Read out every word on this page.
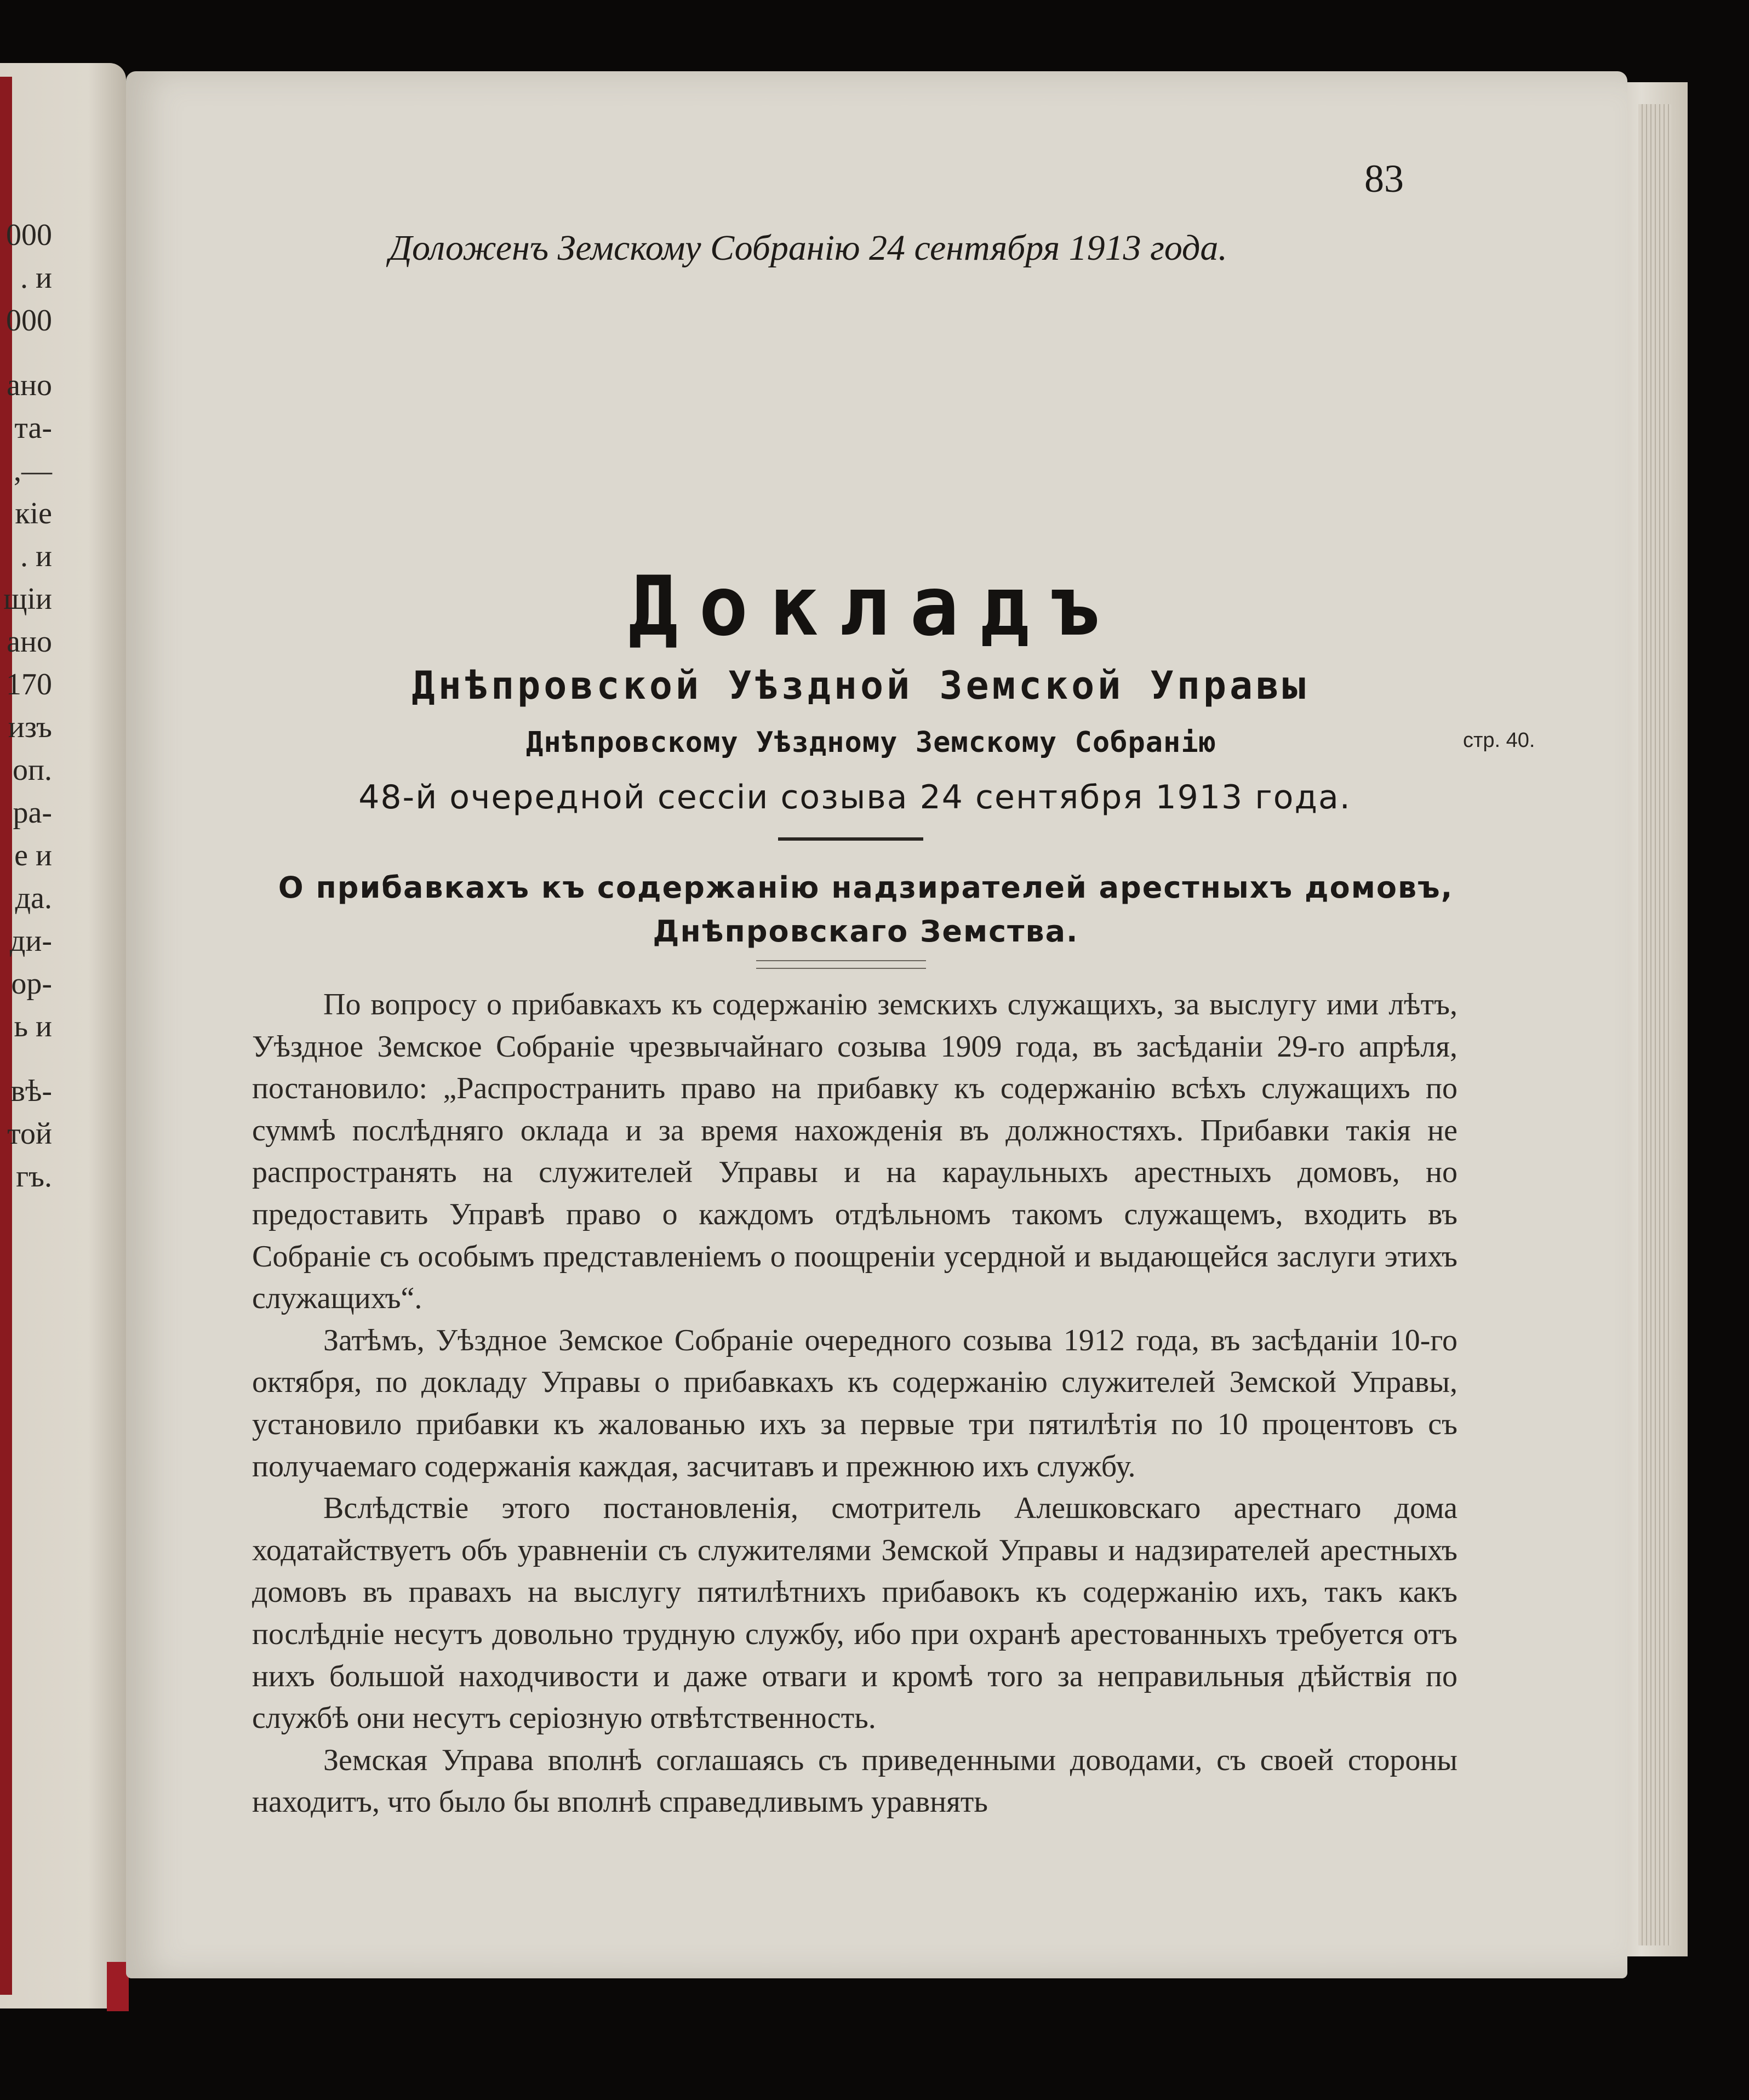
000
. и
000
ано
та-
,—
кіе
. и
щіи
ано
170
изъ
оп.
ра-
е и
да.
ди-
ор-
ь и
вѣ-
той
гъ.
83
Доложенъ Земскому Собранію 24 сентября 1913 года.
Докладъ
Днѣпровской Уѣздной Земской Управы
Днѣпровскому Уѣздному Земскому Собранію	стр. 40.
48-й очередной сессіи созыва 24 сентября 1913 года.
О прибавкахъ къ содержанію надзирателей арестныхъ домовъ, Днѣпровскаго Земства.

По вопросу о прибавкахъ къ содержанію земскихъ служащихъ, за выслугу ими лѣтъ, Уѣздное Земское Собраніе чрезвычайнаго созыва 1909 года, въ засѣданіи 29-го апрѣля, постановило: „Распространить право на прибавку къ содержанію всѣхъ служащихъ по суммѣ послѣдняго оклада и за время нахожденія въ должностяхъ. Прибавки такія не распространять на служителей Управы и на караульныхъ арестныхъ домовъ, но предоставить Управѣ право о каждомъ отдѣльномъ такомъ служащемъ, входить въ Собраніе съ особымъ представленіемъ о поощреніи усердной и выдающейся заслуги этихъ служащихъ“.

Затѣмъ, Уѣздное Земское Собраніе очередного созыва 1912 года, въ засѣданіи 10-го октября, по докладу Управы о прибавкахъ къ содержанію служителей Земской Управы, установило прибавки къ жалованью ихъ за первые три пятилѣтія по 10 процентовъ съ получаемаго содержанія каждая, засчитавъ и прежнюю ихъ службу.

Вслѣдствіе этого постановленія, смотритель Алешковскаго арестнаго дома ходатайствуетъ объ уравненіи съ служителями Земской Управы и надзирателей арестныхъ домовъ въ правахъ на выслугу пятилѣтнихъ прибавокъ къ содержанію ихъ, такъ какъ послѣдніе несутъ довольно трудную службу, ибо при охранѣ арестованныхъ требуется отъ нихъ большой находчивости и даже отваги и кромѣ того за неправильныя дѣйствія по службѣ они несутъ серіозную отвѣтственность.

Земская Управа вполнѣ соглашаясь съ приведенными доводами, съ своей стороны находитъ, что было бы вполнѣ справедливымъ уравнять
